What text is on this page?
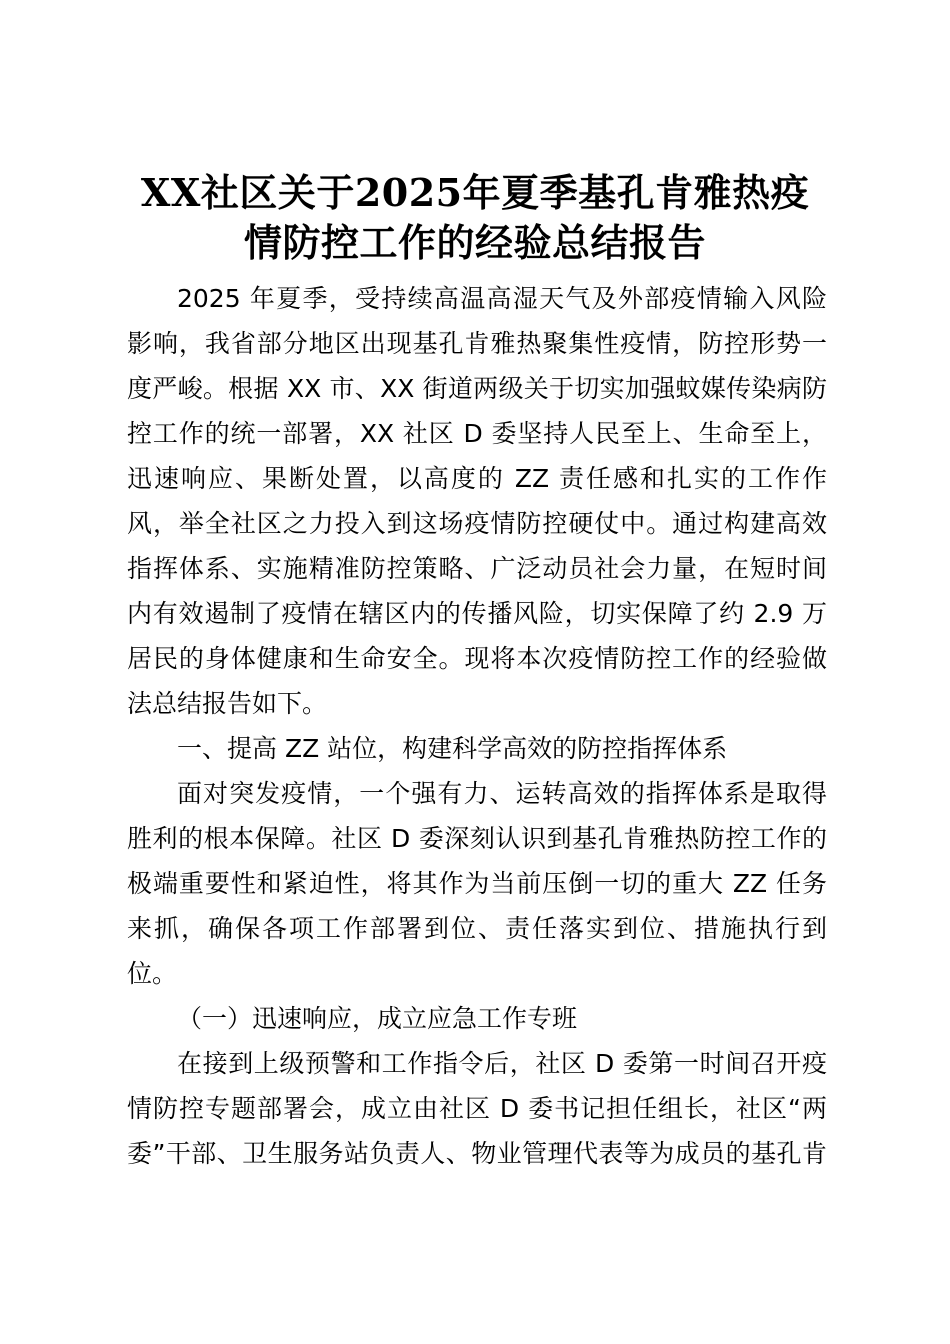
XX社区关于2025年夏季基孔肯雅热疫
情防控工作的经验总结报告
2025 年夏季，受持续高温高湿天气及外部疫情输入风险
影响，我省部分地区出现基孔肯雅热聚集性疫情，防控形势一
度严峻。根据 XX 市、XX 街道两级关于切实加强蚊媒传染病防
控工作的统一部署，XX 社区 D 委坚持人民至上、生命至上，
迅速响应、果断处置，以高度的 ZZ 责任感和扎实的工作作
风，举全社区之力投入到这场疫情防控硬仗中。通过构建高效
指挥体系、实施精准防控策略、广泛动员社会力量，在短时间
内有效遏制了疫情在辖区内的传播风险，切实保障了约 2.9 万
居民的身体健康和生命安全。现将本次疫情防控工作的经验做
法总结报告如下。
一、提高 ZZ 站位，构建科学高效的防控指挥体系
面对突发疫情，一个强有力、运转高效的指挥体系是取得
胜利的根本保障。社区 D 委深刻认识到基孔肯雅热防控工作的
极端重要性和紧迫性，将其作为当前压倒一切的重大 ZZ 任务
来抓，确保各项工作部署到位、责任落实到位、措施执行到
位。
（一）迅速响应，成立应急工作专班
在接到上级预警和工作指令后，社区 D 委第一时间召开疫
情防控专题部署会，成立由社区 D 委书记担任组长，社区“两
委”干部、卫生服务站负责人、物业管理代表等为成员的基孔肯
